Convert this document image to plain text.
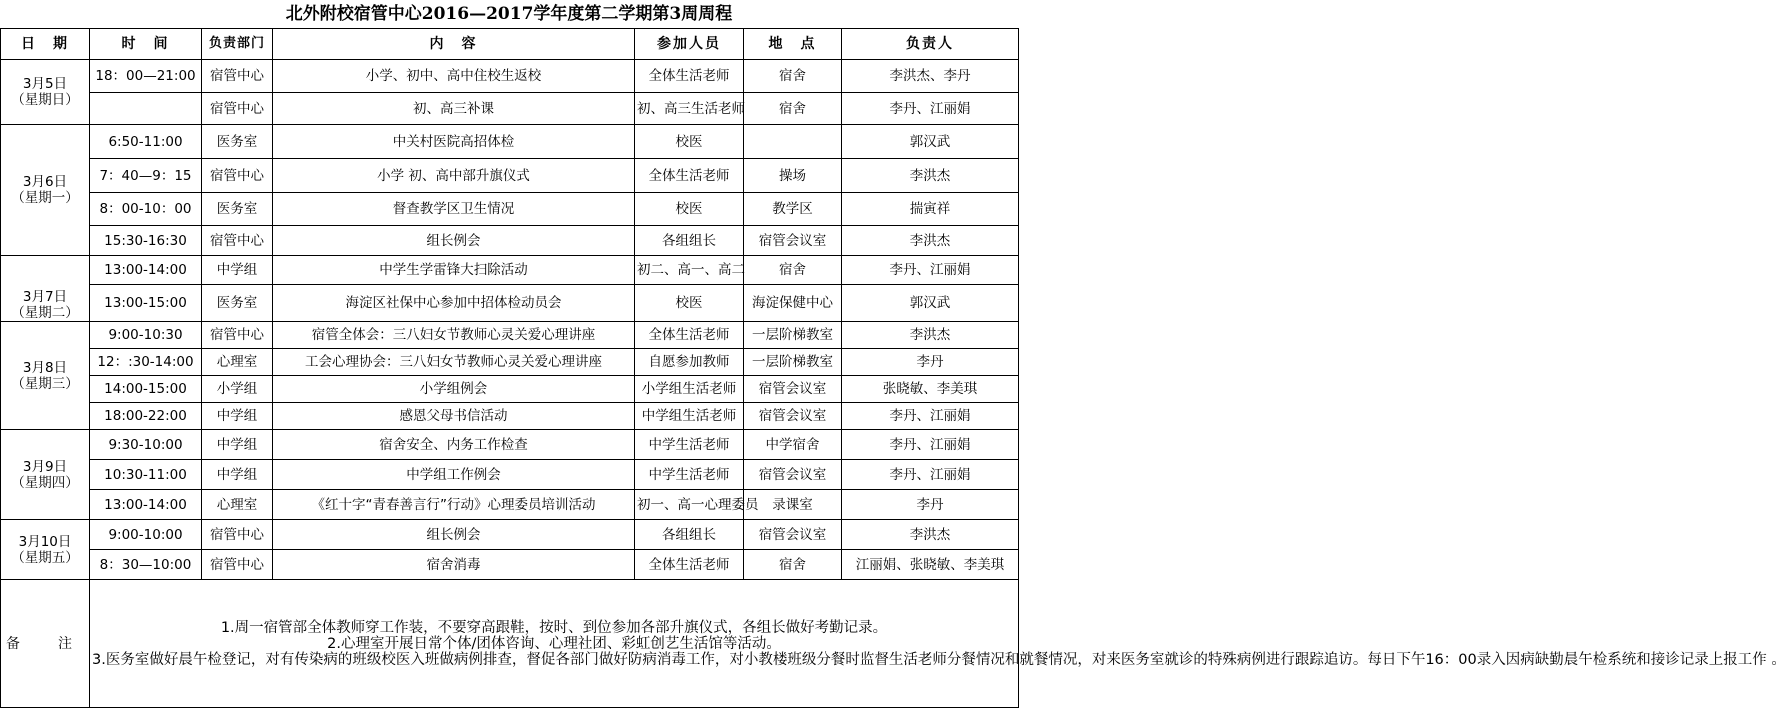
北外附校宿管中心2016—2017学年度第二学期第3周周程
日　期	时　间	负责部门	内　容	参加人员	地　点	负责人
3月5日
（星期日）	18：00—21:00	宿管中心	小学、初中、高中住校生返校	全体生活老师	宿舍	李洪杰、李丹
		宿管中心	初、高三补课	初、高三生活老师	宿舍	李丹、江丽娟
3月6日
（星期一）	6:50-11:00	医务室	中关村医院高招体检	校医		郭汉武
	7：40—9：15	宿管中心	小学 初、高中部升旗仪式	全体生活老师	操场	李洪杰
	8：00-10：00	医务室	督查教学区卫生情况	校医	教学区	揣寅祥
	15:30-16:30	宿管中心	组长例会	各组组长	宿管会议室	李洪杰
3月7日
（星期二）	13:00-14:00	中学组	中学生学雷锋大扫除活动	初二、高一、高二	宿舍	李丹、江丽娟
	13:00-15:00	医务室	海淀区社保中心参加中招体检动员会	校医	海淀保健中心	郭汉武
3月8日
（星期三）	9:00-10:30	宿管中心	宿管全体会：三八妇女节教师心灵关爱心理讲座	全体生活老师	一层阶梯教室	李洪杰
	12：:30-14:00	心理室	工会心理协会：三八妇女节教师心灵关爱心理讲座	自愿参加教师	一层阶梯教室	李丹
	14:00-15:00	小学组	小学组例会	小学组生活老师	宿管会议室	张晓敏、李美琪
	18:00-22:00	中学组	感恩父母书信活动	中学组生活老师	宿管会议室	李丹、江丽娟
3月9日
（星期四）	9:30-10:00	中学组	宿舍安全、内务工作检查	中学生活老师	中学宿舍	李丹、江丽娟
	10:30-11:00	中学组	中学组工作例会	中学生活老师	宿管会议室	李丹、江丽娟
	13:00-14:00	心理室	《红十字“青春善言行”行动》心理委员培训活动	初一、高一心理委员	录课室	李丹
3月10日
（星期五）	9:00-10:00	宿管中心	组长例会	各组组长	宿管会议室	李洪杰
	8：30—10:00	宿管中心	宿舍消毒	全体生活老师	宿舍	江丽娟、张晓敏、李美琪
备　注	1.周一宿管部全体教师穿工作装，不要穿高跟鞋，按时、到位参加各部升旗仪式，各组长做好考勤记录。
2.心理室开展日常个体/团体咨询、心理社团、彩虹创艺生活馆等活动。
3.医务室做好晨午检登记，对有传染病的班级校医入班做病例排查，督促各部门做好防病消毒工作，对小教楼班级分餐时监督生活老师分餐情况和就餐情况，对来医务室就诊的特殊病例进行跟踪追访。每日下午16：00录入因病缺勤晨午检系统和接诊记录上报工作 。					
